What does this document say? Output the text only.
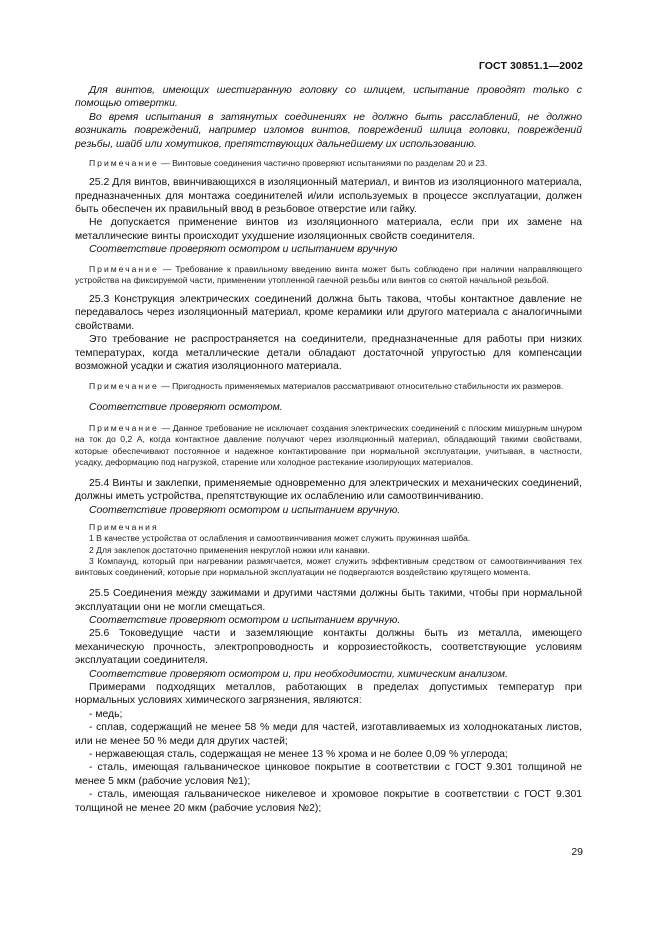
ГОСТ 30851.1—2002

Для винтов, имеющих шестигранную головку со шлицем, испытание проводят только с помощью отвертки.

Во время испытания в затянутых соединениях не должно быть расслаблений, не должно возникать повреждений, например изломов винтов, повреждений шлица головки, повреждений резьбы, шайб или хомутиков, препятствующих дальнейшему их использованию.

Примечание — Винтовые соединения частично проверяют испытаниями по разделам 20 и 23.

25.2 Для винтов, ввинчивающихся в изоляционный материал, и винтов из изоляционного материала, предназначенных для монтажа соединителей и/или используемых в процессе эксплуатации, должен быть обеспечен их правильный ввод в резьбовое отверстие или гайку.

Не допускается применение винтов из изоляционного материала, если при их замене на металлические винты происходит ухудшение изоляционных свойств соединителя.

Соответствие проверяют осмотром и испытанием вручную

Примечание — Требование к правильному введению винта может быть соблюдено при наличии направляющего устройства на фиксируемой части, применении утопленной гаечной резьбы или винтов со снятой начальной резьбой.

25.3 Конструкция электрических соединений должна быть такова, чтобы контактное давление не передавалось через изоляционный материал, кроме керамики или другого материала с аналогичными свойствами.

Это требование не распространяется на соединители, предназначенные для работы при низких температурах, когда металлические детали обладают достаточной упругостью для компенсации возможной усадки и сжатия изоляционного материала.

Примечание — Пригодность применяемых материалов рассматривают относительно стабильности их размеров.

Соответствие проверяют осмотром.

Примечание — Данное требование не исключает создания электрических соединений с плоским мишурным шнуром на ток до 0,2 А, когда контактное давление получают через изоляционный материал, обладающий такими свойствами, которые обеспечивают постоянное и надежное контактирование при нормальной эксплуатации, учитывая, в частности, усадку, деформацию под нагрузкой, старение или холодное растекание изолирующих материалов.

25.4 Винты и заклепки, применяемые одновременно для электрических и механических соединений, должны иметь устройства, препятствующие их ослаблению или самоотвинчиванию.

Соответствие проверяют осмотром и испытанием вручную.

Примечания

1 В качестве устройства от ослабления и самоотвинчивания может служить пружинная шайба.

2 Для заклепок достаточно применения некруглой ножки или канавки.

3 Компаунд, который при нагревании размягчается, может служить эффективным средством от самоотвинчивания тех винтовых соединений, которые при нормальной эксплуатации не подвергаются воздействию крутящего момента.

25.5 Соединения между зажимами и другими частями должны быть такими, чтобы при нормальной эксплуатации они не могли смещаться.

Соответствие проверяют осмотром и испытанием вручную.

25.6 Токоведущие части и заземляющие контакты должны быть из металла, имеющего механическую прочность, электропроводность и коррозиестойкость, соответствующие условиям эксплуатации соединителя.

Соответствие проверяют осмотром и, при необходимости, химическим анализом.

Примерами подходящих металлов, работающих в пределах допустимых температур при нормальных условиях химического загрязнения, являются:

- медь;

- сплав, содержащий не менее 58 % меди для частей, изготавливаемых из холоднокатаных листов, или не менее 50 % меди для других частей;

- нержавеющая сталь, содержащая не менее 13 % хрома и не более 0,09 % углерода;

- сталь, имеющая гальваническое цинковое покрытие в соответствии с ГОСТ 9.301 толщиной не менее 5 мкм (рабочие условия №1);

- сталь, имеющая гальваническое никелевое и хромовое покрытие в соответствии с ГОСТ 9.301 толщиной не менее 20 мкм (рабочие условия №2);

29
